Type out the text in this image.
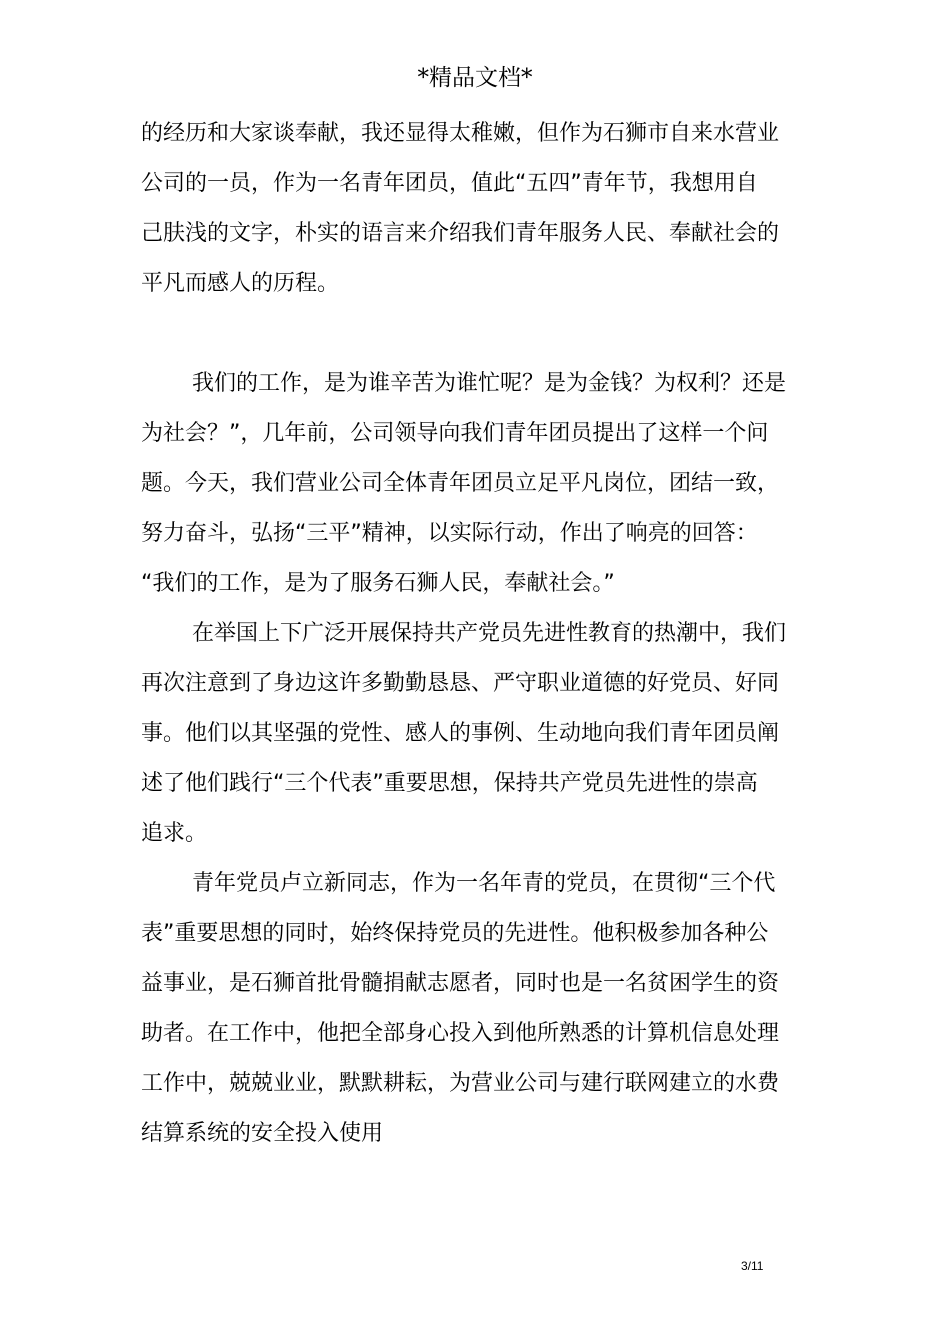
*精品文档*
的经历和大家谈奉献，我还显得太稚嫩，但作为石狮市自来水营业
公司的一员，作为一名青年团员，值此“五四”青年节，我想用自
己肤浅的文字，朴实的语言来介绍我们青年服务人民、奉献社会的
平凡而感人的历程。
我们的工作，是为谁辛苦为谁忙呢？是为金钱？为权利？还是
为社会？”，几年前，公司领导向我们青年团员提出了这样一个问
题。今天，我们营业公司全体青年团员立足平凡岗位，团结一致，
努力奋斗，弘扬“三平”精神，以实际行动，作出了响亮的回答：
“我们的工作，是为了服务石狮人民，奉献社会。”
在举国上下广泛开展保持共产党员先进性教育的热潮中，我们
再次注意到了身边这许多勤勤恳恳、严守职业道德的好党员、好同
事。他们以其坚强的党性、感人的事例、生动地向我们青年团员阐
述了他们践行“三个代表”重要思想，保持共产党员先进性的崇高
追求。
青年党员卢立新同志，作为一名年青的党员，在贯彻“三个代
表”重要思想的同时，始终保持党员的先进性。他积极参加各种公
益事业，是石狮首批骨髓捐献志愿者，同时也是一名贫困学生的资
助者。在工作中，他把全部身心投入到他所熟悉的计算机信息处理
工作中，兢兢业业，默默耕耘，为营业公司与建行联网建立的水费
结算系统的安全投入使用
3/11
